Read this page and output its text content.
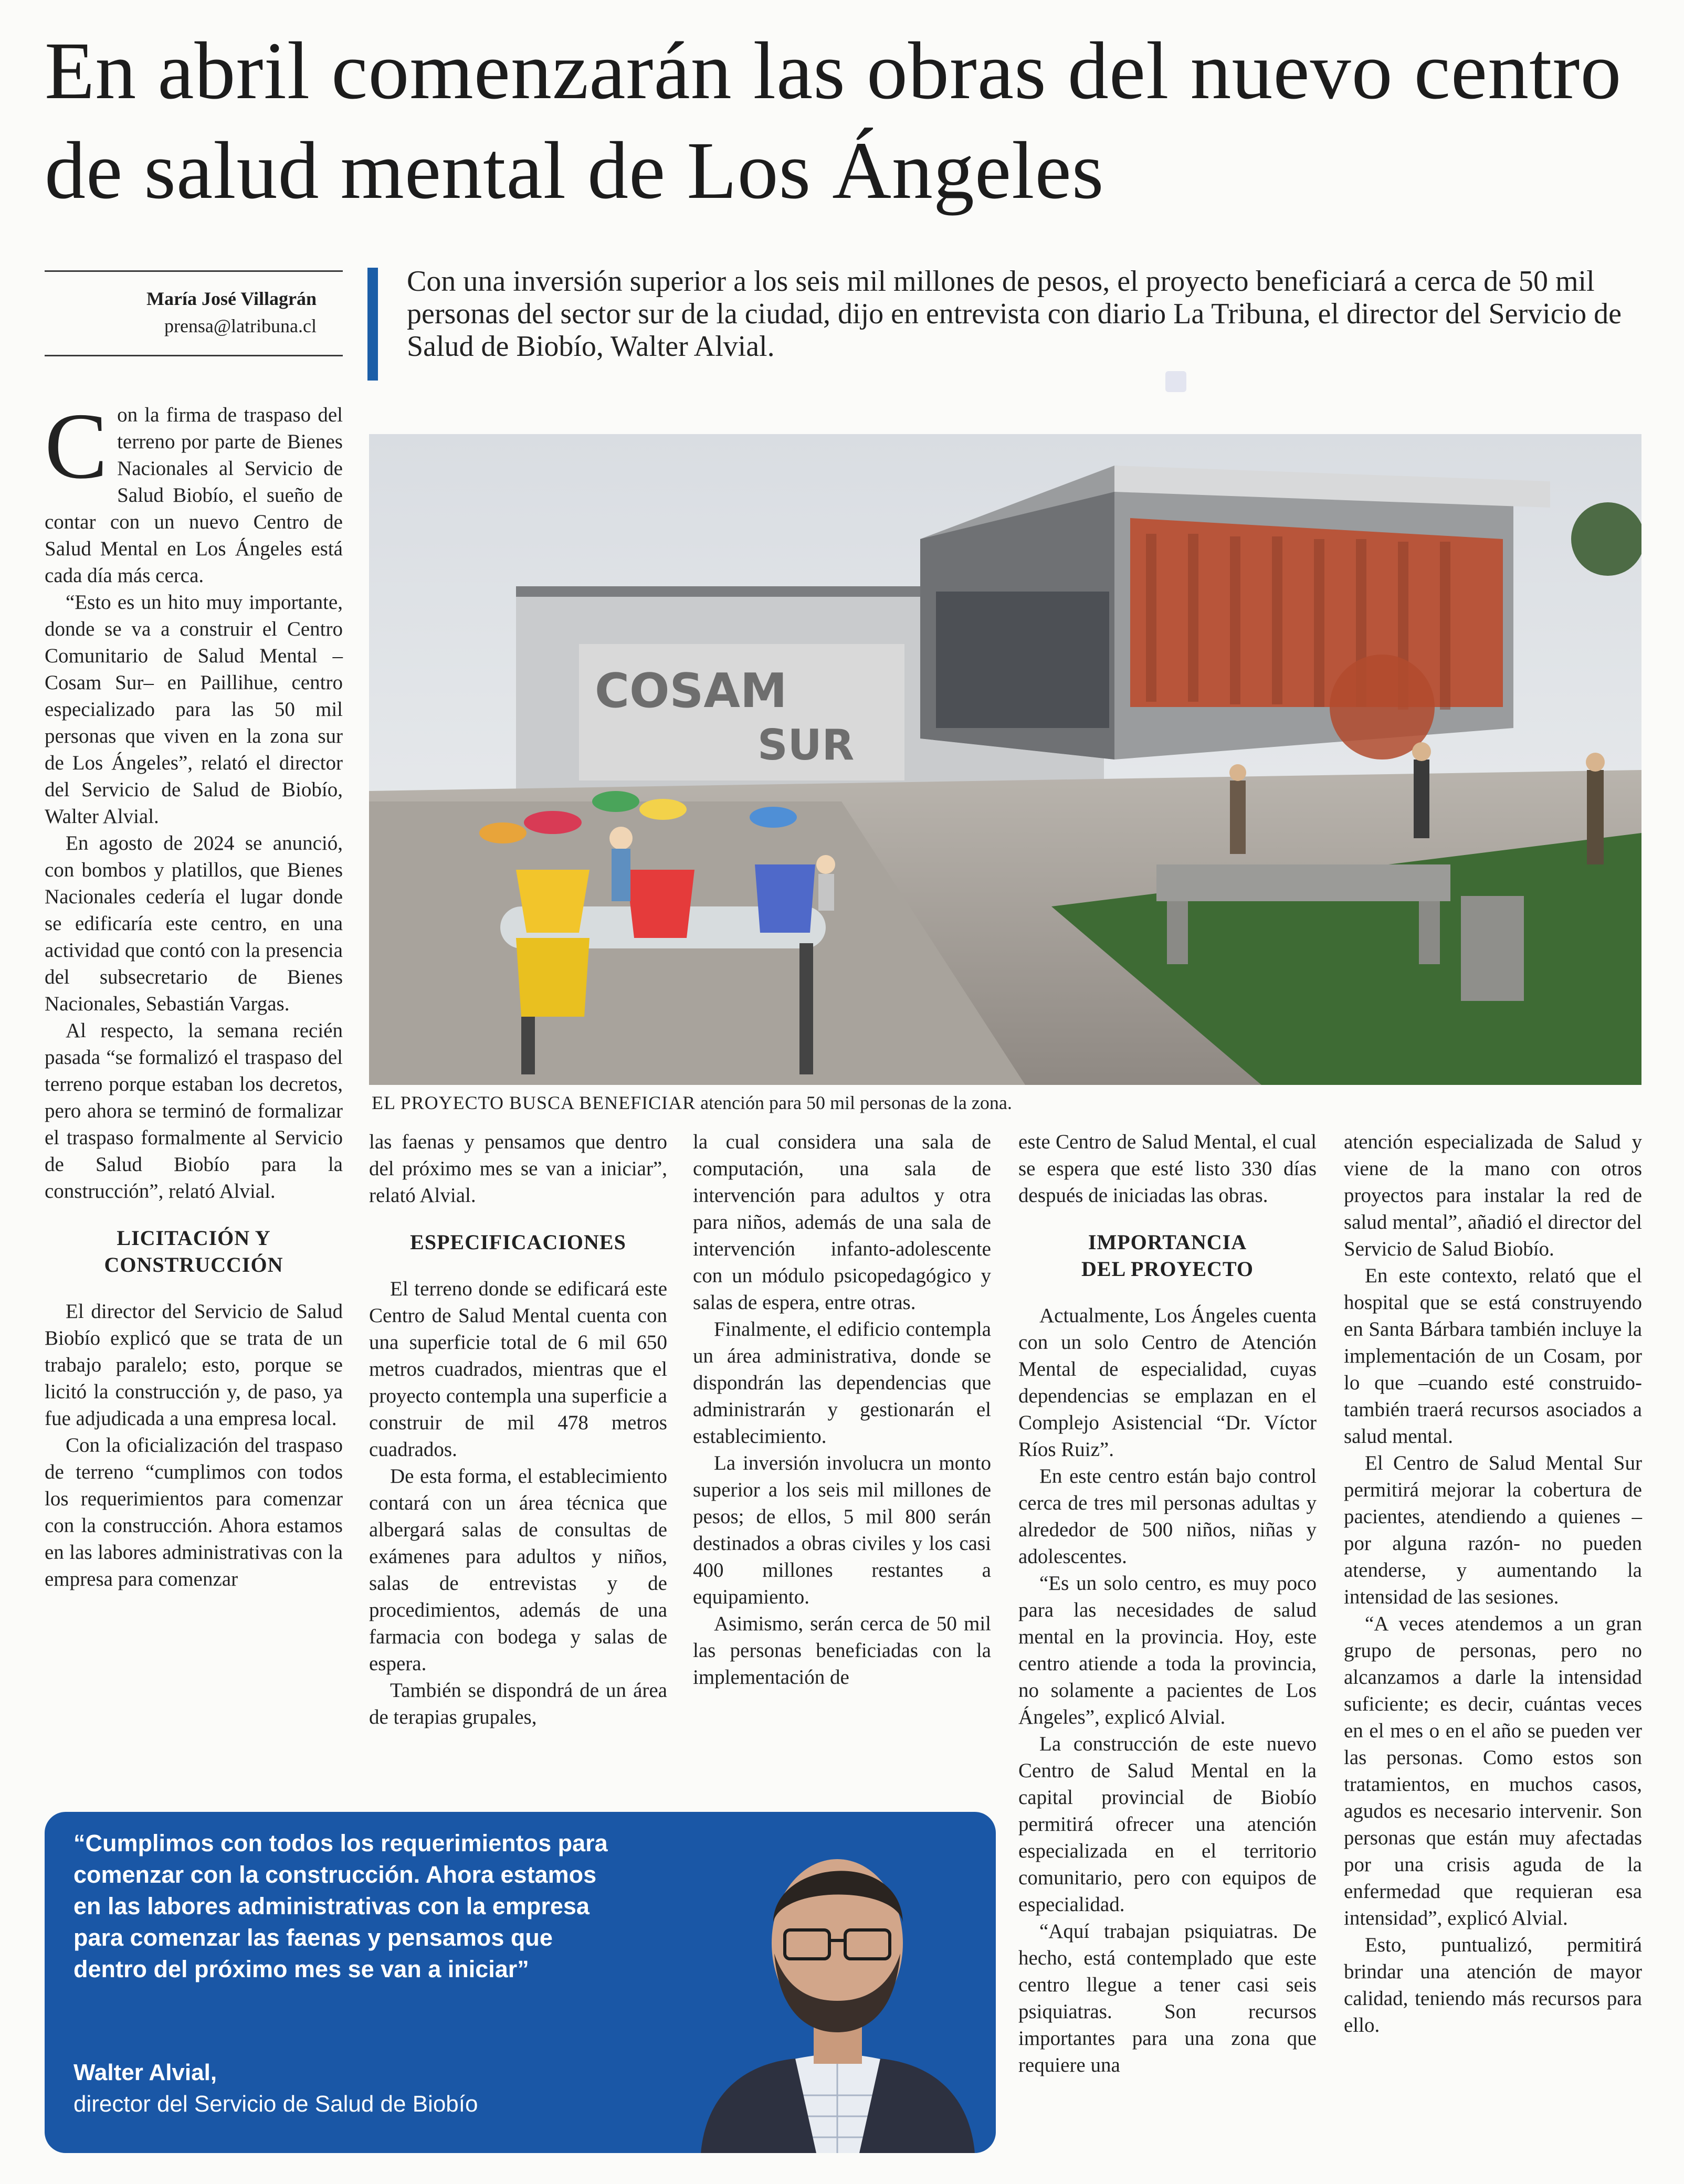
En abril comenzarán las obras del nuevo centro de salud mental de Los Ángeles
María José Villagrán
prensa@latribuna.cl
Con una inversión superior a los seis mil millones de pesos, el proyecto beneficiará a cerca de 50 mil personas del sector sur de la ciudad, dijo en entrevista con diario La Tribuna, el director del Servicio de Salud de Biobío, Walter Alvial.

Con la firma de traspaso del terreno por parte de Bienes Nacionales al Servicio de Salud Biobío, el sueño de contar con un nuevo Centro de Salud Mental en Los Ángeles está cada día más cerca.

“Esto es un hito muy importante, donde se va a construir el Centro Comunitario de Salud Mental –Cosam Sur– en Paillihue, centro especializado para las 50 mil personas que viven en la zona sur de Los Ángeles”, relató el director del Servicio de Salud de Biobío, Walter Alvial.

En agosto de 2024 se anunció, con bombos y platillos, que Bienes Nacionales cedería el lugar donde se edificaría este centro, en una actividad que contó con la presencia del subsecretario de Bienes Nacionales, Sebastián Vargas.

Al respecto, la semana recién pasada “se formalizó el traspaso del terreno porque estaban los decretos, pero ahora se terminó de formalizar el traspaso formalmente al Servicio de Salud Biobío para la construcción”, relató Alvial.

LICITACIÓN Y
CONSTRUCCIÓN

El director del Servicio de Salud Biobío explicó que se trata de un trabajo paralelo; esto, porque se licitó la construcción y, de paso, ya fue adjudicada a una empresa local.

Con la oficialización del traspaso de terreno “cumplimos con todos los requerimientos para comenzar con la construcción. Ahora estamos en las labores administrativas con la empresa para comenzar

COSAM
SUR
EL PROYECTO BUSCA BENEFICIAR atención para 50 mil personas de la zona.

las faenas y pensamos que dentro del próximo mes se van a iniciar”, relató Alvial.

ESPECIFICACIONES

El terreno donde se edificará este Centro de Salud Mental cuenta con una superficie total de 6 mil 650 metros cuadrados, mientras que el proyecto contempla una superficie a construir de mil 478 metros cuadrados.

De esta forma, el establecimiento contará con un área técnica que albergará salas de consultas de exámenes para adultos y niños, salas de entrevistas y de procedimientos, además de una farmacia con bodega y salas de espera.

También se dispondrá de un área de terapias grupales,

la cual considera una sala de computación, una sala de intervención para adultos y otra para niños, además de una sala de intervención infanto-adolescente con un módulo psicopedagógico y salas de espera, entre otras.

Finalmente, el edificio contempla un área administrativa, donde se dispondrán las dependencias que administrarán y gestionarán el establecimiento.

La inversión involucra un monto superior a los seis mil millones de pesos; de ellos, 5 mil 800 serán destinados a obras civiles y los casi 400 millones restantes a equipamiento.

Asimismo, serán cerca de 50 mil las personas beneficiadas con la implementación de

este Centro de Salud Mental, el cual se espera que esté listo 330 días después de iniciadas las obras.

IMPORTANCIA
DEL PROYECTO

Actualmente, Los Ángeles cuenta con un solo Centro de Atención Mental de especialidad, cuyas dependencias se emplazan en el Complejo Asistencial “Dr. Víctor Ríos Ruiz”.

En este centro están bajo control cerca de tres mil personas adultas y alrededor de 500 niños, niñas y adolescentes.

“Es un solo centro, es muy poco para las necesidades de salud mental en la provincia. Hoy, este centro atiende a toda la provincia, no solamente a pacientes de Los Ángeles”, explicó Alvial.

La construcción de este nuevo Centro de Salud Mental en la capital provincial de Biobío permitirá ofrecer una atención especializada en el territorio comunitario, pero con equipos de especialidad.

“Aquí trabajan psiquiatras. De hecho, está contemplado que este centro llegue a tener casi seis psiquiatras. Son recursos importantes para una zona que requiere una

atención especializada de Salud y viene de la mano con otros proyectos para instalar la red de salud mental”, añadió el director del Servicio de Salud Biobío.

En este contexto, relató que el hospital que se está construyendo en Santa Bárbara también incluye la implementación de un Cosam, por lo que –cuando esté construido- también traerá recursos asociados a salud mental.

El Centro de Salud Mental Sur permitirá mejorar la cobertura de pacientes, atendiendo a quienes –por alguna razón- no pueden atenderse, y aumentando la intensidad de las sesiones.

“A veces atendemos a un gran grupo de personas, pero no alcanzamos a darle la intensidad suficiente; es decir, cuántas veces en el mes o en el año se pueden ver las personas. Como estos son tratamientos, en muchos casos, agudos es necesario intervenir. Son personas que están muy afectadas por una crisis aguda de la enfermedad que requieran esa intensidad”, explicó Alvial.

Esto, puntualizó, permitirá brindar una atención de mayor calidad, teniendo más recursos para ello.

“Cumplimos con todos los requerimientos para comenzar con la construcción. Ahora estamos en las labores administrativas con la empresa para comenzar las faenas y pensamos que dentro del próximo mes se van a iniciar”
Walter Alvial,
director del Servicio de Salud de Biobío
